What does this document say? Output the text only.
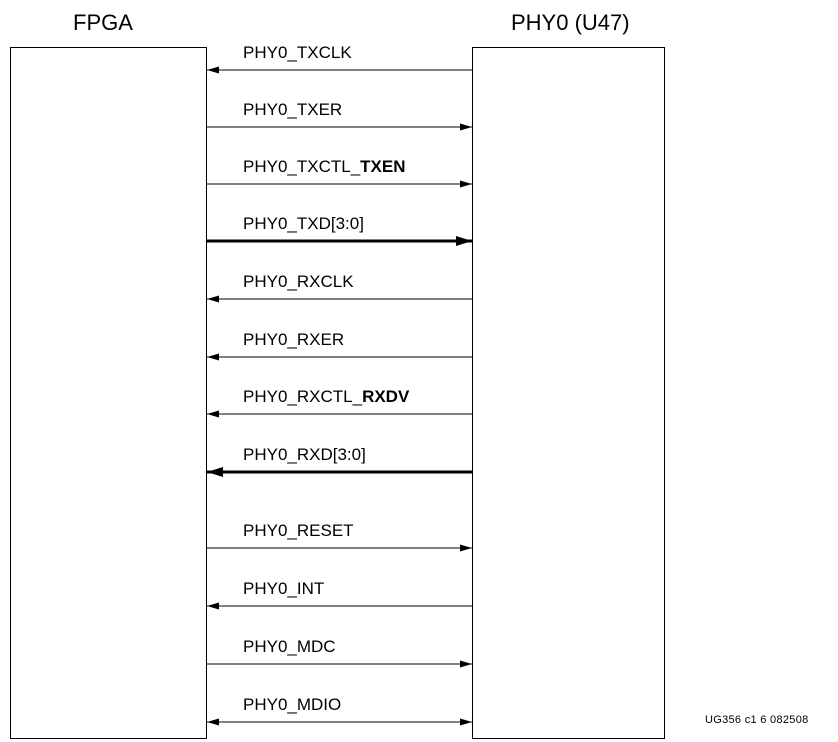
FPGA	PHY0 (U47)
PHY0_TXCLK
PHY0_TXER
PHY0_TXCTL_TXEN
PHY0_TXD[3:0]
PHY0_RXCLK
PHY0_RXER
PHY0_RXCTL_RXDV
PHY0_RXD[3:0]
PHY0_RESET
PHY0_INT
PHY0_MDC
PHY0_MDIO
UG356 c1 6 082508
